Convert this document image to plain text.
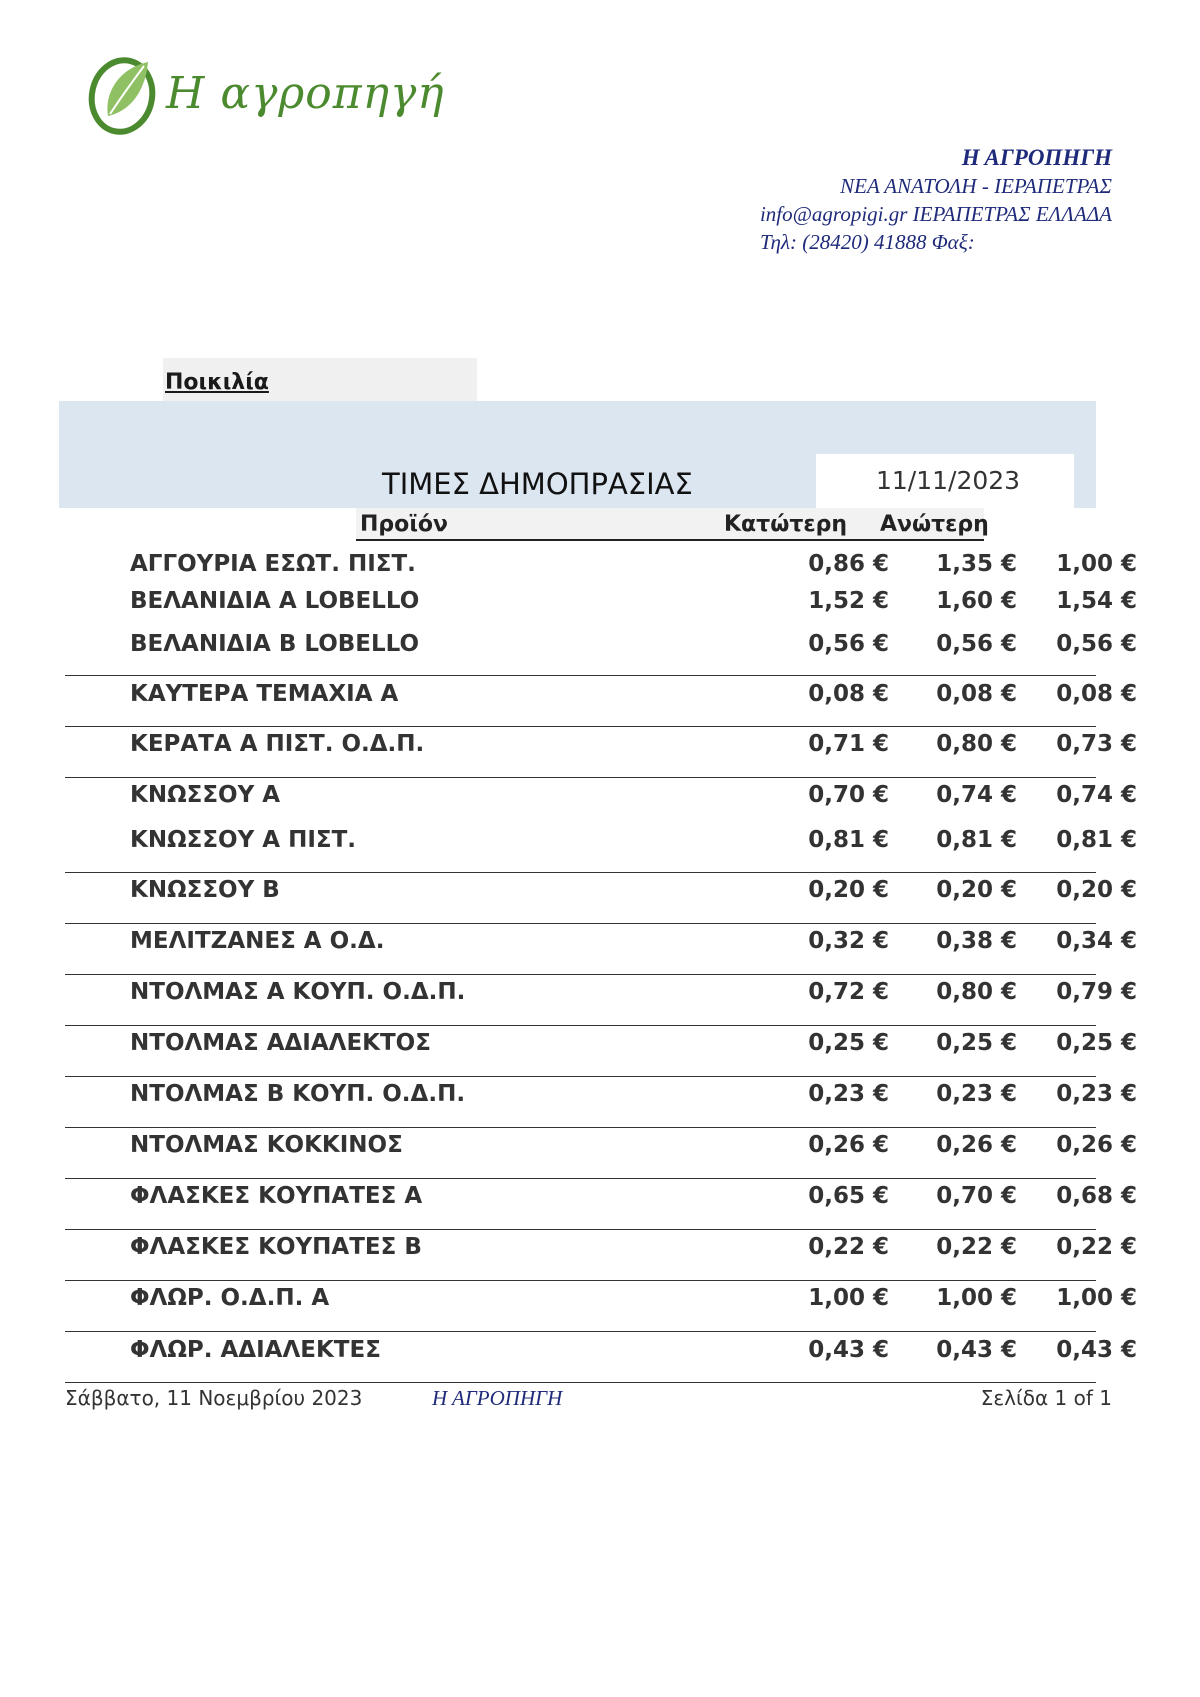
Η αγροπηγή
Η ΑΓΡΟΠΗΓΗ
ΝΕΑ ΑΝΑΤΟΛΗ - ΙΕΡΑΠΕΤΡΑΣ
info@agropigi.gr ΙΕΡΑΠΕΤΡΑΣ ΕΛΛΑΔΑ
Τηλ: (28420) 41888 Φαξ:
Ποικιλία
ΤΙΜΕΣ ΔΗΜΟΠΡΑΣΙΑΣ	11/11/2023
Προϊόν	Κατώτερη Ανώτερη
ΑΓΓΟΥΡΙΑ ΕΣΩΤ. ΠΙΣΤ.	0,86 €	1,35 €	1,00 €
ΒΕΛΑΝΙΔΙΑ Α LOBELLO	1,52 €	1,60 €	1,54 €
ΒΕΛΑΝΙΔΙΑ Β LOBELLO	0,56 €	0,56 €	0,56 €
ΚΑΥΤΕΡΑ ΤΕΜΑΧΙΑ Α	0,08 €	0,08 €	0,08 €
ΚΕΡΑΤΑ Α ΠΙΣΤ. Ο.Δ.Π.	0,71 €	0,80 €	0,73 €
ΚΝΩΣΣΟΥ Α	0,70 €	0,74 €	0,74 €
ΚΝΩΣΣΟΥ Α ΠΙΣΤ.	0,81 €	0,81 €	0,81 €
ΚΝΩΣΣΟΥ Β	0,20 €	0,20 €	0,20 €
ΜΕΛΙΤΖΑΝΕΣ Α Ο.Δ.	0,32 €	0,38 €	0,34 €
ΝΤΟΛΜΑΣ Α ΚΟΥΠ. Ο.Δ.Π.	0,72 €	0,80 €	0,79 €
ΝΤΟΛΜΑΣ ΑΔΙΑΛΕΚΤΟΣ	0,25 €	0,25 €	0,25 €
ΝΤΟΛΜΑΣ Β ΚΟΥΠ. Ο.Δ.Π.	0,23 €	0,23 €	0,23 €
ΝΤΟΛΜΑΣ ΚΟΚΚΙΝΟΣ	0,26 €	0,26 €	0,26 €
ΦΛΑΣΚΕΣ ΚΟΥΠΑΤΕΣ Α	0,65 €	0,70 €	0,68 €
ΦΛΑΣΚΕΣ ΚΟΥΠΑΤΕΣ Β	0,22 €	0,22 €	0,22 €
ΦΛΩΡ. Ο.Δ.Π. Α	1,00 €	1,00 €	1,00 €
ΦΛΩΡ. ΑΔΙΑΛΕΚΤΕΣ	0,43 €	0,43 €	0,43 €
Σάββατο, 11 Νοεμβρίου 2023	Η ΑΓΡΟΠΗΓΗ	Σελίδα 1 of 1
